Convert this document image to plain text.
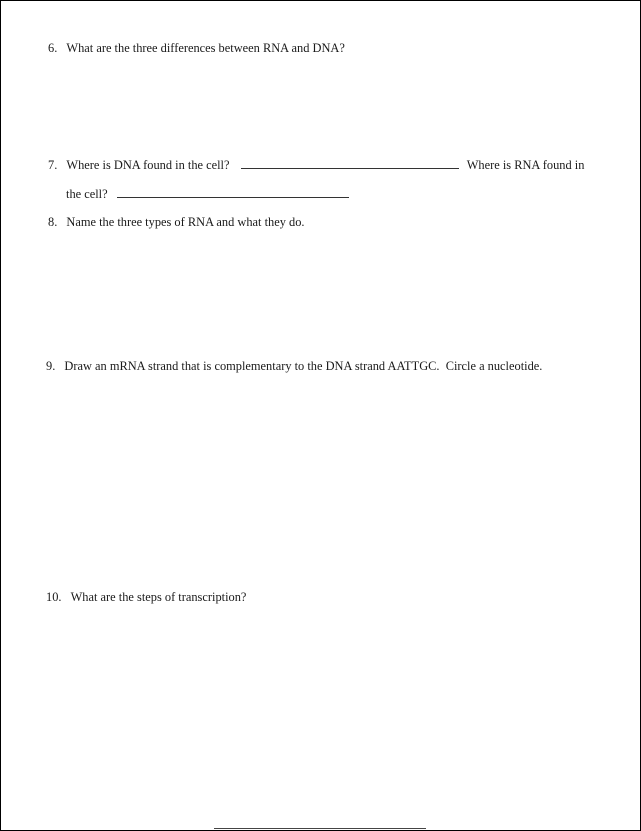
6. What are the three differences between RNA and DNA?
7. Where is DNA found in the cell?	Where is RNA found in
the cell?
8. Name the three types of RNA and what they do.
9. Draw an mRNA strand that is complementary to the DNA strand AATTGC.  Circle a nucleotide.
10. What are the steps of transcription?
